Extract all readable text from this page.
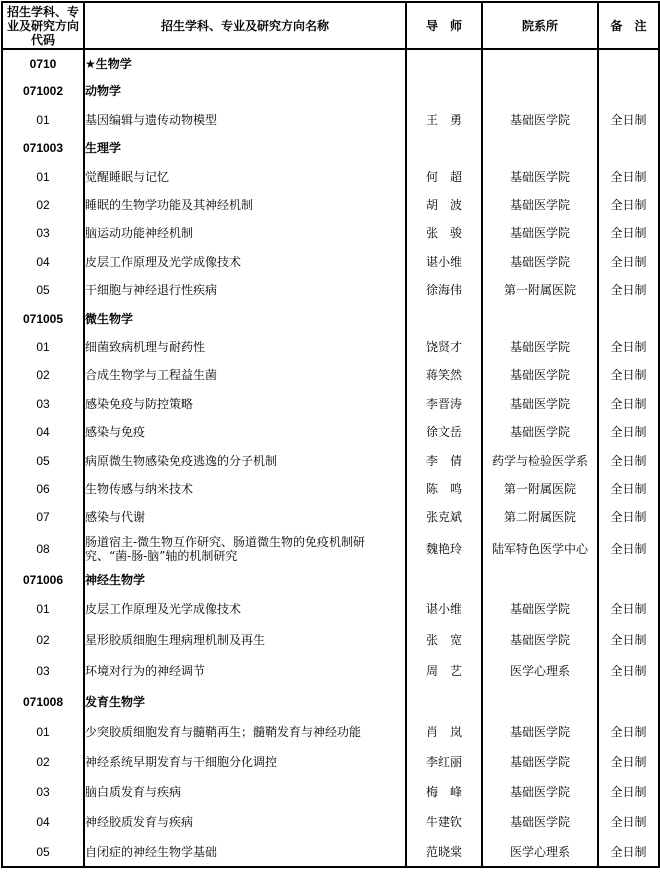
招生学科、专业及研究方向代码	招生学科、专业及研究方向名称	导　师	院系所	备　注
0710	★生物学			
071002	动物学			
01	基因编辑与遗传动物模型	王　勇	基础医学院	全日制
071003	生理学			
01	觉醒睡眠与记忆	何　超	基础医学院	全日制
02	睡眠的生物学功能及其神经机制	胡　波	基础医学院	全日制
03	脑运动功能神经机制	张　骏	基础医学院	全日制
04	皮层工作原理及光学成像技术	谌小维	基础医学院	全日制
05	干细胞与神经退行性疾病	徐海伟	第一附属医院	全日制
071005	微生物学			
01	细菌致病机理与耐药性	饶贤才	基础医学院	全日制
02	合成生物学与工程益生菌	蒋笑然	基础医学院	全日制
03	感染免疫与防控策略	李晋涛	基础医学院	全日制
04	感染与免疫	徐文岳	基础医学院	全日制
05	病原微生物感染免疫逃逸的分子机制	李　倩	药学与检验医学系	全日制
06	生物传感与纳米技术	陈　鸣	第一附属医院	全日制
07	感染与代谢	张克斌	第二附属医院	全日制
08	肠道宿主-微生物互作研究、肠道微生物的免疫机制研究、“菌-肠-脑”轴的机制研究	魏艳玲	陆军特色医学中心	全日制
071006	神经生物学			
01	皮层工作原理及光学成像技术	谌小维	基础医学院	全日制
02	星形胶质细胞生理病理机制及再生	张　宽	基础医学院	全日制
03	环境对行为的神经调节	周　艺	医学心理系	全日制
071008	发育生物学			
01	少突胶质细胞发育与髓鞘再生；髓鞘发育与神经功能	肖　岚	基础医学院	全日制
02	神经系统早期发育与干细胞分化调控	李红丽	基础医学院	全日制
03	脑白质发育与疾病	梅　峰	基础医学院	全日制
04	神经胶质发育与疾病	牛建钦	基础医学院	全日制
05	自闭症的神经生物学基础	范晓棠	医学心理系	全日制
